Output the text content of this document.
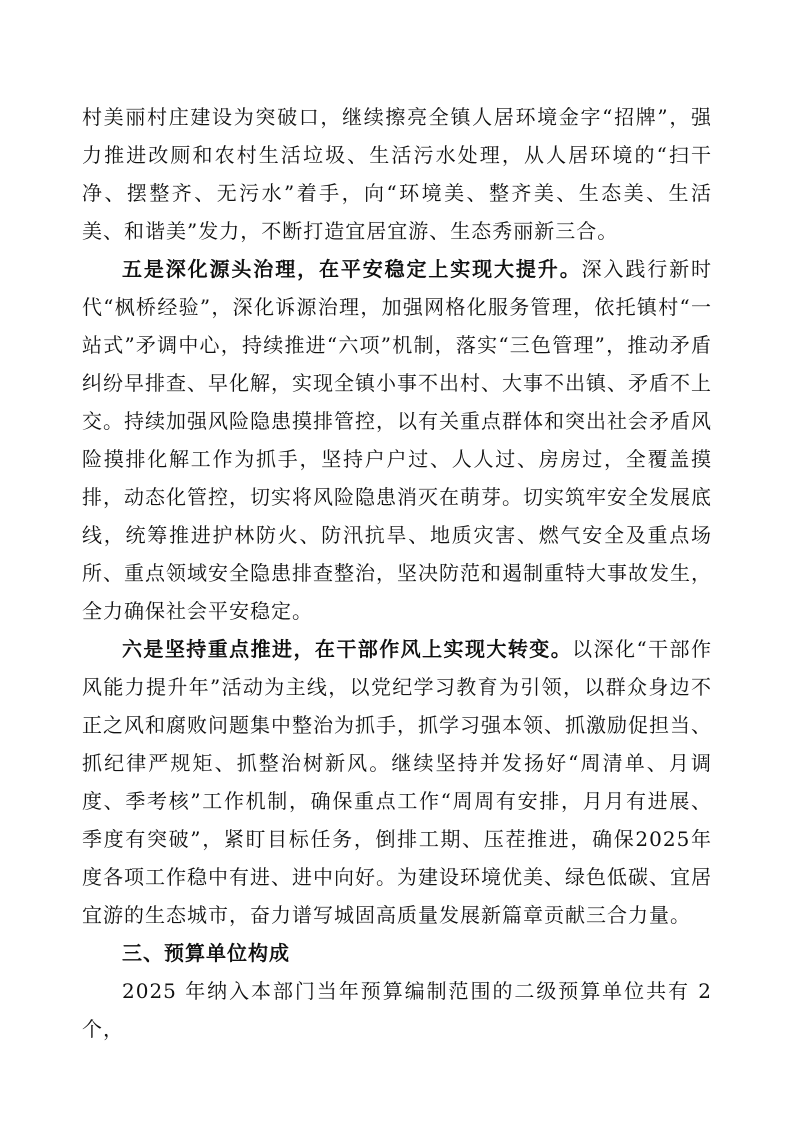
村美丽村庄建设为突破口，继续擦亮全镇人居环境金字“招牌”，强力推进改厕和农村生活垃圾、生活污水处理，从人居环境的“扫干净、摆整齐、无污水”着手，向“环境美、整齐美、生态美、生活美、和谐美”发力，不断打造宜居宜游、生态秀丽新三合。

五是深化源头治理，在平安稳定上实现大提升。深入践行新时代“枫桥经验”，深化诉源治理，加强网格化服务管理，依托镇村“一站式”矛调中心，持续推进“六项”机制，落实“三色管理”，推动矛盾纠纷早排查、早化解，实现全镇小事不出村、大事不出镇、矛盾不上交。持续加强风险隐患摸排管控，以有关重点群体和突出社会矛盾风险摸排化解工作为抓手，坚持户户过、人人过、房房过，全覆盖摸排，动态化管控，切实将风险隐患消灭在萌芽。切实筑牢安全发展底线，统筹推进护林防火、防汛抗旱、地质灾害、燃气安全及重点场所、重点领域安全隐患排查整治，坚决防范和遏制重特大事故发生，全力确保社会平安稳定。

六是坚持重点推进，在干部作风上实现大转变。以深化“干部作风能力提升年”活动为主线，以党纪学习教育为引领，以群众身边不正之风和腐败问题集中整治为抓手，抓学习强本领、抓激励促担当、抓纪律严规矩、抓整治树新风。继续坚持并发扬好“周清单、月调度、季考核”工作机制，确保重点工作“周周有安排，月月有进展、季度有突破”，紧盯目标任务，倒排工期、压茬推进，确保2025年度各项工作稳中有进、进中向好。为建设环境优美、绿色低碳、宜居宜游的生态城市，奋力谱写城固高质量发展新篇章贡献三合力量。

三、预算单位构成

2025 年纳入本部门当年预算编制范围的二级预算单位共有 2 个，
